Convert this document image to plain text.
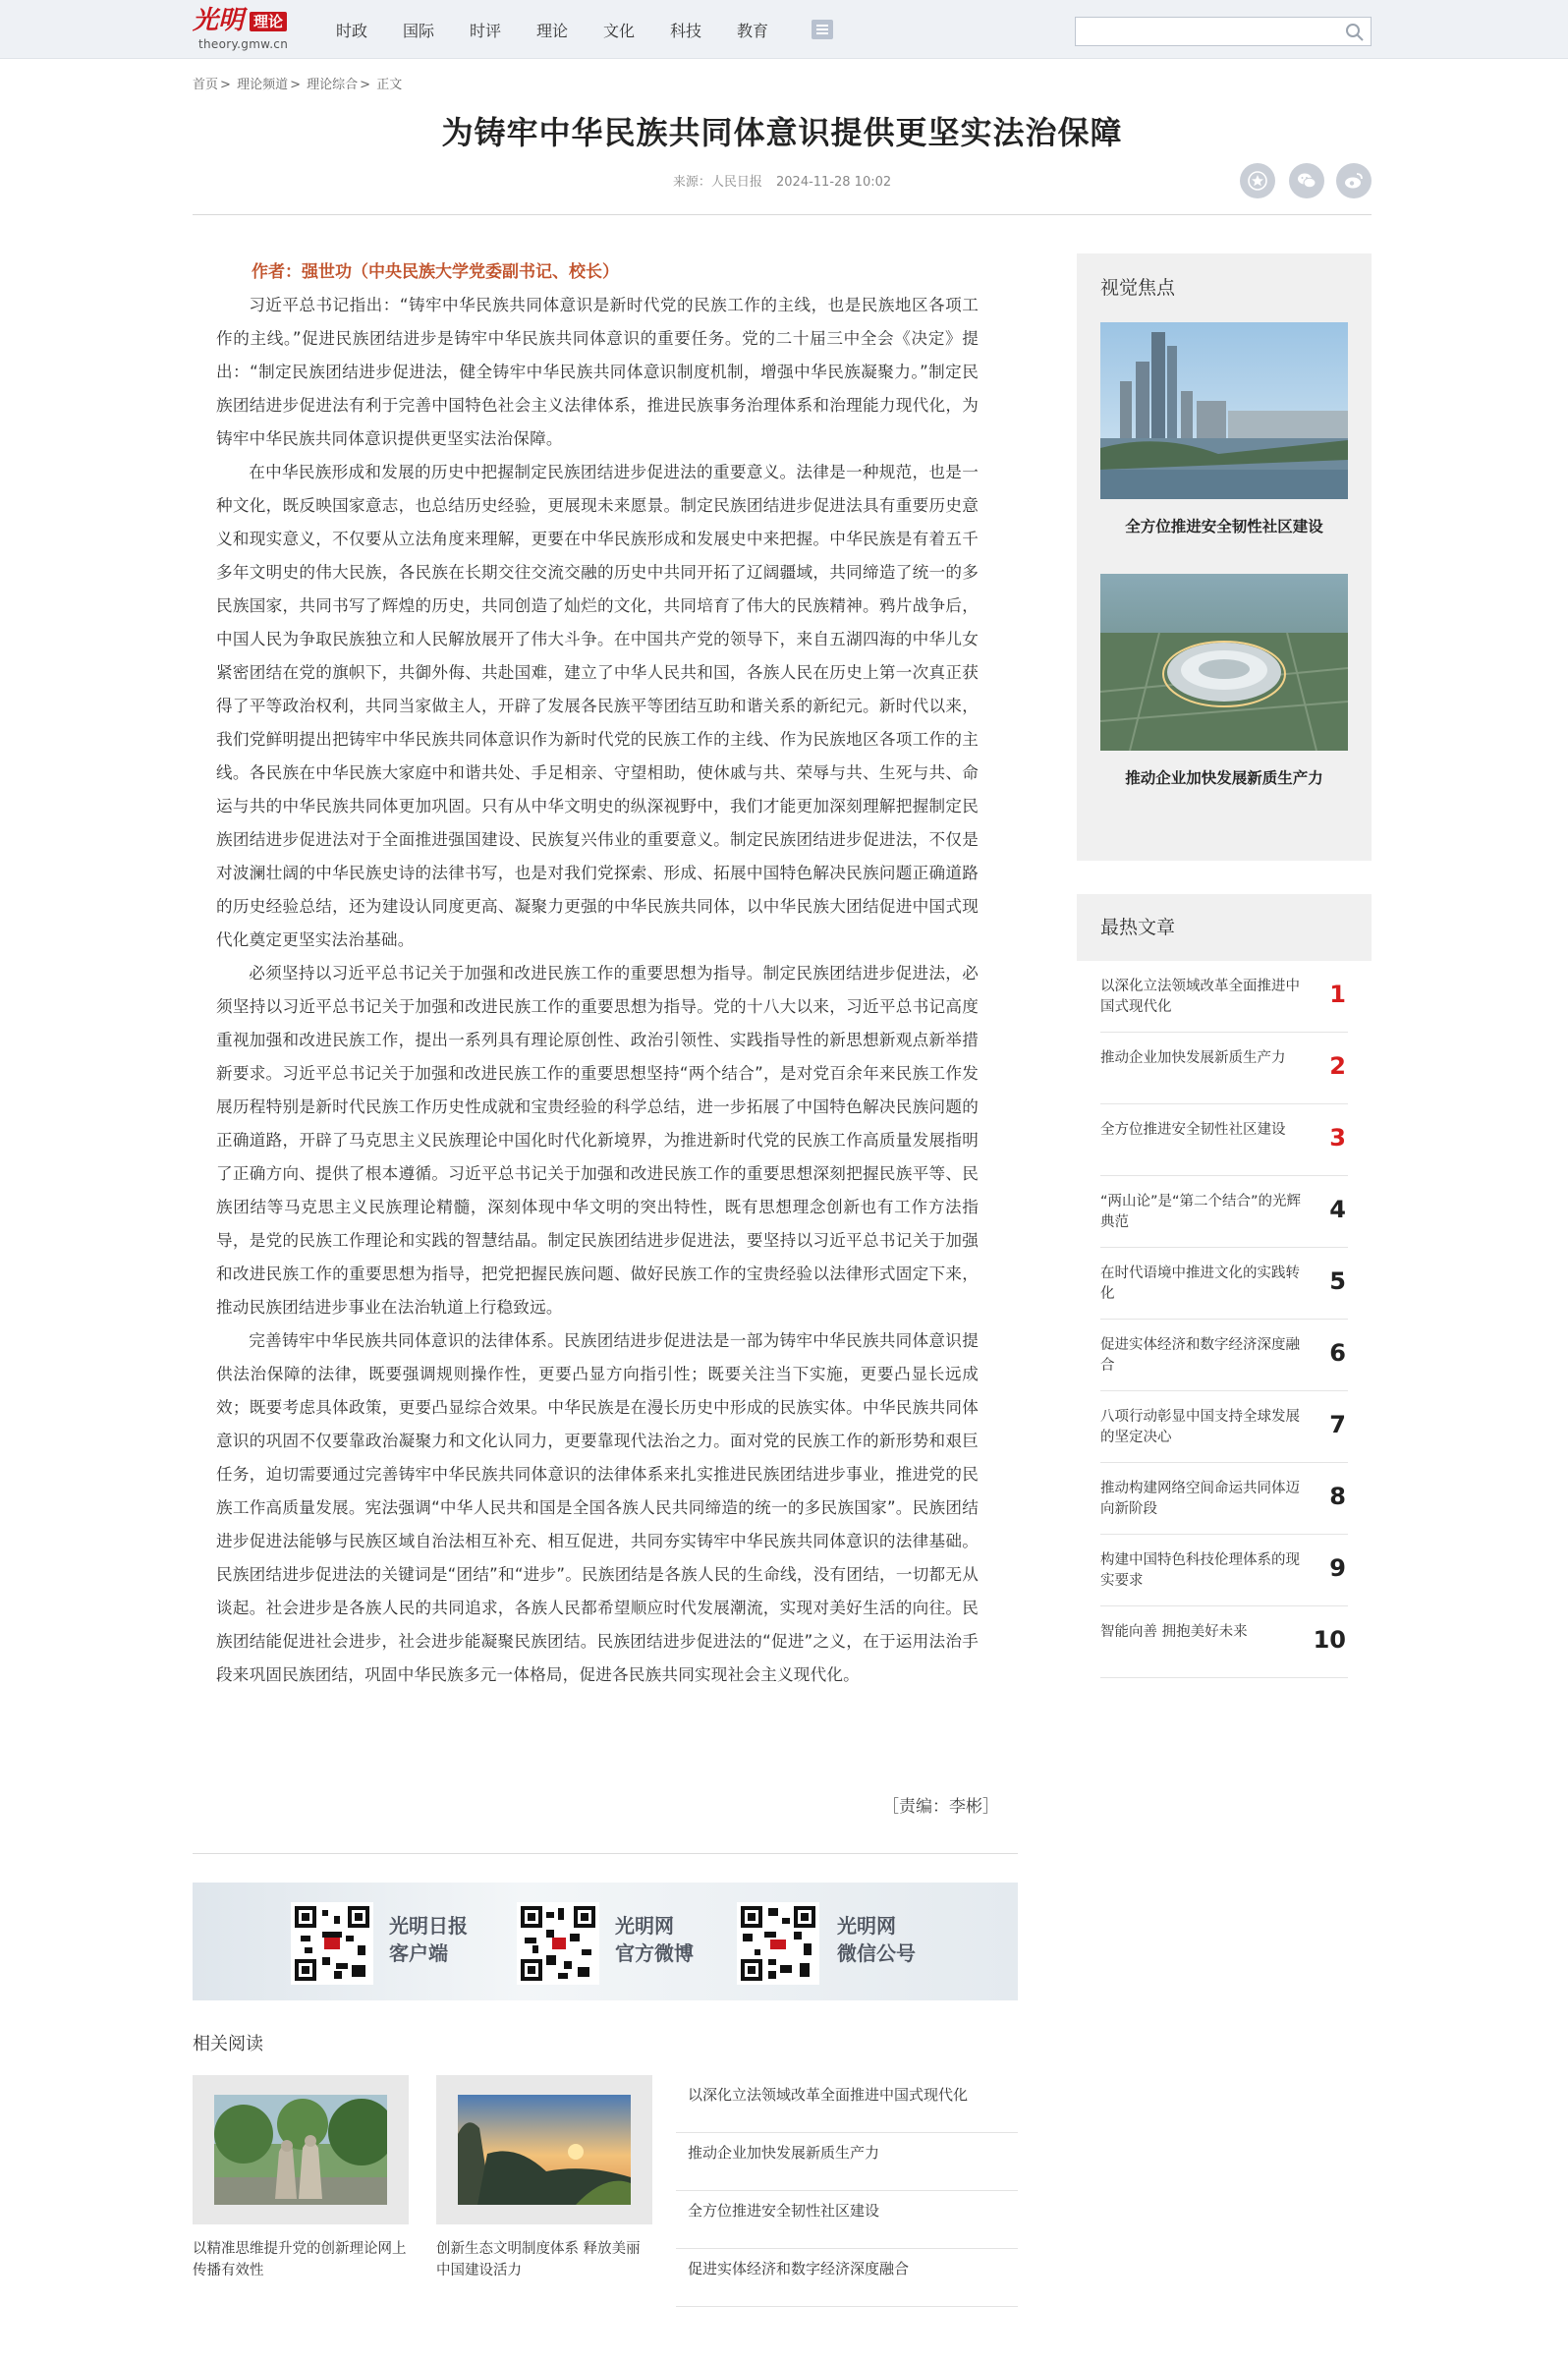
光明 理论
theory.gmw.cn
时政	国际	时评	理论	文化	科技	教育
首页 > 理论频道 > 理论综合 > 正文
为铸牢中华民族共同体意识提供更坚实法治保障
来源：人民日报 2024-11-28 10:02

作者：强世功（中央民族大学党委副书记、校长）

习近平总书记指出：“铸牢中华民族共同体意识是新时代党的民族工作的主线，也是民族地区各项工作的主线。”促进民族团结进步是铸牢中华民族共同体意识的重要任务。党的二十届三中全会《决定》提出：“制定民族团结进步促进法，健全铸牢中华民族共同体意识制度机制，增强中华民族凝聚力。”制定民族团结进步促进法有利于完善中国特色社会主义法律体系，推进民族事务治理体系和治理能力现代化，为铸牢中华民族共同体意识提供更坚实法治保障。

在中华民族形成和发展的历史中把握制定民族团结进步促进法的重要意义。法律是一种规范，也是一种文化，既反映国家意志，也总结历史经验，更展现未来愿景。制定民族团结进步促进法具有重要历史意义和现实意义，不仅要从立法角度来理解，更要在中华民族形成和发展史中来把握。中华民族是有着五千多年文明史的伟大民族，各民族在长期交往交流交融的历史中共同开拓了辽阔疆域，共同缔造了统一的多民族国家，共同书写了辉煌的历史，共同创造了灿烂的文化，共同培育了伟大的民族精神。鸦片战争后，中国人民为争取民族独立和人民解放展开了伟大斗争。在中国共产党的领导下，来自五湖四海的中华儿女紧密团结在党的旗帜下，共御外侮、共赴国难，建立了中华人民共和国，各族人民在历史上第一次真正获得了平等政治权利，共同当家做主人，开辟了发展各民族平等团结互助和谐关系的新纪元。新时代以来，我们党鲜明提出把铸牢中华民族共同体意识作为新时代党的民族工作的主线、作为民族地区各项工作的主线。各民族在中华民族大家庭中和谐共处、手足相亲、守望相助，使休戚与共、荣辱与共、生死与共、命运与共的中华民族共同体更加巩固。只有从中华文明史的纵深视野中，我们才能更加深刻理解把握制定民族团结进步促进法对于全面推进强国建设、民族复兴伟业的重要意义。制定民族团结进步促进法，不仅是对波澜壮阔的中华民族史诗的法律书写，也是对我们党探索、形成、拓展中国特色解决民族问题正确道路的历史经验总结，还为建设认同度更高、凝聚力更强的中华民族共同体，以中华民族大团结促进中国式现代化奠定更坚实法治基础。

必须坚持以习近平总书记关于加强和改进民族工作的重要思想为指导。制定民族团结进步促进法，必须坚持以习近平总书记关于加强和改进民族工作的重要思想为指导。党的十八大以来，习近平总书记高度重视加强和改进民族工作，提出一系列具有理论原创性、政治引领性、实践指导性的新思想新观点新举措新要求。习近平总书记关于加强和改进民族工作的重要思想坚持“两个结合”，是对党百余年来民族工作发展历程特别是新时代民族工作历史性成就和宝贵经验的科学总结，进一步拓展了中国特色解决民族问题的正确道路，开辟了马克思主义民族理论中国化时代化新境界，为推进新时代党的民族工作高质量发展指明了正确方向、提供了根本遵循。习近平总书记关于加强和改进民族工作的重要思想深刻把握民族平等、民族团结等马克思主义民族理论精髓，深刻体现中华文明的突出特性，既有思想理念创新也有工作方法指导，是党的民族工作理论和实践的智慧结晶。制定民族团结进步促进法，要坚持以习近平总书记关于加强和改进民族工作的重要思想为指导，把党把握民族问题、做好民族工作的宝贵经验以法律形式固定下来，推动民族团结进步事业在法治轨道上行稳致远。

完善铸牢中华民族共同体意识的法律体系。民族团结进步促进法是一部为铸牢中华民族共同体意识提供法治保障的法律，既要强调规则操作性，更要凸显方向指引性；既要关注当下实施，更要凸显长远成效；既要考虑具体政策，更要凸显综合效果。中华民族是在漫长历史中形成的民族实体。中华民族共同体意识的巩固不仅要靠政治凝聚力和文化认同力，更要靠现代法治之力。面对党的民族工作的新形势和艰巨任务，迫切需要通过完善铸牢中华民族共同体意识的法律体系来扎实推进民族团结进步事业，推进党的民族工作高质量发展。宪法强调“中华人民共和国是全国各族人民共同缔造的统一的多民族国家”。民族团结进步促进法能够与民族区域自治法相互补充、相互促进，共同夯实铸牢中华民族共同体意识的法律基础。民族团结进步促进法的关键词是“团结”和“进步”。民族团结是各族人民的生命线，没有团结，一切都无从谈起。社会进步是各族人民的共同追求，各族人民都希望顺应时代发展潮流，实现对美好生活的向往。民族团结能促进社会进步，社会进步能凝聚民族团结。民族团结进步促进法的“促进”之义，在于运用法治手段来巩固民族团结，巩固中华民族多元一体格局，促进各民族共同实现社会主义现代化。

［责编：李彬］
光明日报
客户端
光明网
官方微博
光明网
微信公号
相关阅读
以精准思维提升党的创新理论网上传播有效性
创新生态文明制度体系 释放美丽中国建设活力
以深化立法领域改革全面推进中国式现代化
推动企业加快发展新质生产力
全方位推进安全韧性社区建设
促进实体经济和数字经济深度融合
视觉焦点
全方位推进安全韧性社区建设
推动企业加快发展新质生产力
最热文章
以深化立法领域改革全面推进中国式现代化	1
推动企业加快发展新质生产力	2
全方位推进安全韧性社区建设	3
“两山论”是“第二个结合”的光辉典范	4
在时代语境中推进文化的实践转化	5
促进实体经济和数字经济深度融合	6
八项行动彰显中国支持全球发展的坚定决心	7
推动构建网络空间命运共同体迈向新阶段	8
构建中国特色科技伦理体系的现实要求	9
智能向善 拥抱美好未来	10
